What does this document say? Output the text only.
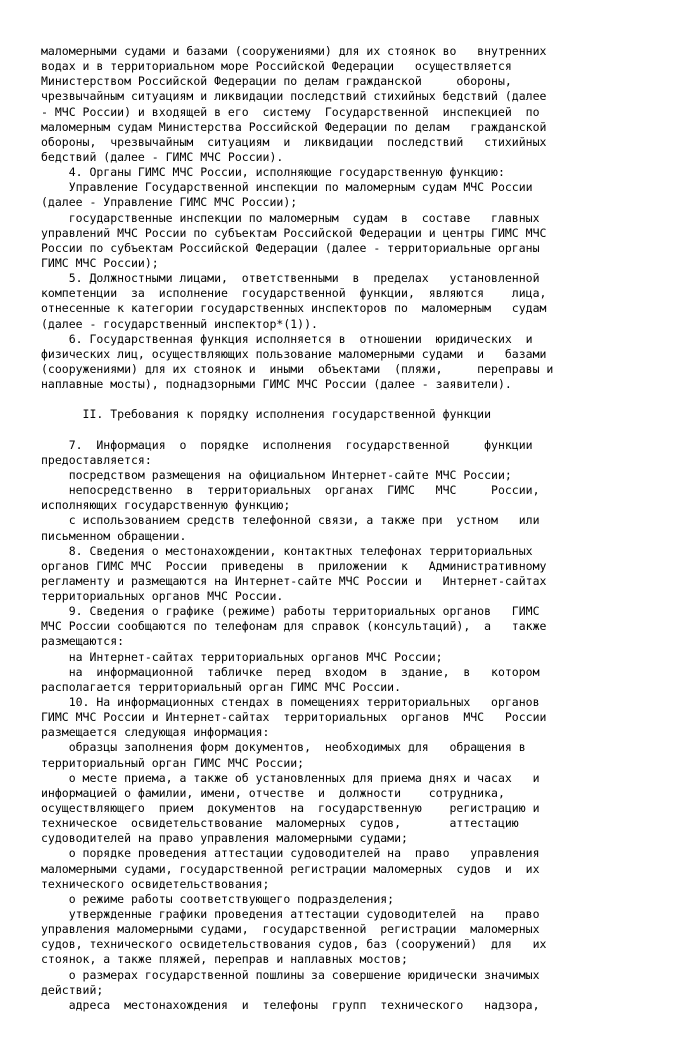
маломерными судами и базами (сооружениями) для их стоянок во   внутренних
водах и в территориальном море Российской Федерации   осуществляется
Министерством Российской Федерации по делам гражданской     обороны,
чрезвычайным ситуациям и ликвидации последствий стихийных бедствий (далее
- МЧС России) и входящей в его  систему  Государственной  инспекцией  по
маломерным судам Министерства Российской Федерации по делам   гражданской
обороны,  чрезвычайным  ситуациям  и  ликвидации  последствий   стихийных
бедствий (далее - ГИМС МЧС России).
4. Органы ГИМС МЧС России, исполняющие государственную функцию:
Управление Государственной инспекции по маломерным судам МЧС России
(далее - Управление ГИМС МЧС России);
государственные инспекции по маломерным  судам  в  составе   главных
управлений МЧС России по субъектам Российской Федерации и центры ГИМС МЧС
России по субъектам Российской Федерации (далее - территориальные органы
ГИМС МЧС России);
5. Должностными лицами,  ответственными  в  пределах   установленной
компетенции  за  исполнение  государственной  функции,  являются    лица,
отнесенные к категории государственных инспекторов по  маломерным   судам
(далее - государственный инспектор*(1)).
6. Государственная функция исполняется в  отношении  юридических  и
физических лиц, осуществляющих пользование маломерными судами  и   базами
(сооружениями) для их стоянок и  иными  объектами  (пляжи,     переправы и
наплавные мосты), поднадзорными ГИМС МЧС России (далее - заявители).
II. Требования к порядку исполнения государственной функции
7.  Информация  о  порядке  исполнения  государственной     функции
предоставляется:
посредством размещения на официальном Интернет-сайте МЧС России;
непосредственно  в  территориальных  органах  ГИМС   МЧС     России,
исполняющих государственную функцию;
с использованием средств телефонной связи, а также при  устном   или
письменном обращении.
8. Сведения о местонахождении, контактных телефонах территориальных
органов ГИМС МЧС  России  приведены  в  приложении  к   Административному
регламенту и размещаются на Интернет-сайте МЧС России и   Интернет-сайтах
территориальных органов МЧС России.
9. Сведения о графике (режиме) работы территориальных органов   ГИМС
МЧС России сообщаются по телефонам для справок (консультаций),  а   также
размещаются:
на Интернет-сайтах территориальных органов МЧС России;
на  информационной  табличке  перед  входом  в  здание,  в   котором
располагается территориальный орган ГИМС МЧС России.
10. На информационных стендах в помещениях территориальных   органов
ГИМС МЧС России и Интернет-сайтах  территориальных  органов  МЧС   России
размещается следующая информация:
образцы заполнения форм документов,  необходимых для   обращения в
территориальный орган ГИМС МЧС России;
о месте приема, а также об установленных для приема днях и часах   и
информацией о фамилии, имени, отчестве  и  должности    сотрудника,
осуществляющего  прием  документов  на  государственную    регистрацию и
техническое  освидетельствование  маломерных  судов,       аттестацию
судоводителей на право управления маломерными судами;
о порядке проведения аттестации судоводителей на  право   управления
маломерными судами, государственной регистрации маломерных  судов  и  их
технического освидетельствования;
о режиме работы соответствующего подразделения;
утвержденные графики проведения аттестации судоводителей  на   право
управления маломерными судами,  государственной  регистрации  маломерных
судов, технического освидетельствования судов, баз (сооружений)  для   их
стоянок, а также пляжей, переправ и наплавных мостов;
о размерах государственной пошлины за совершение юридически значимых
действий;
адреса  местонахождения  и  телефоны  групп  технического   надзора,
